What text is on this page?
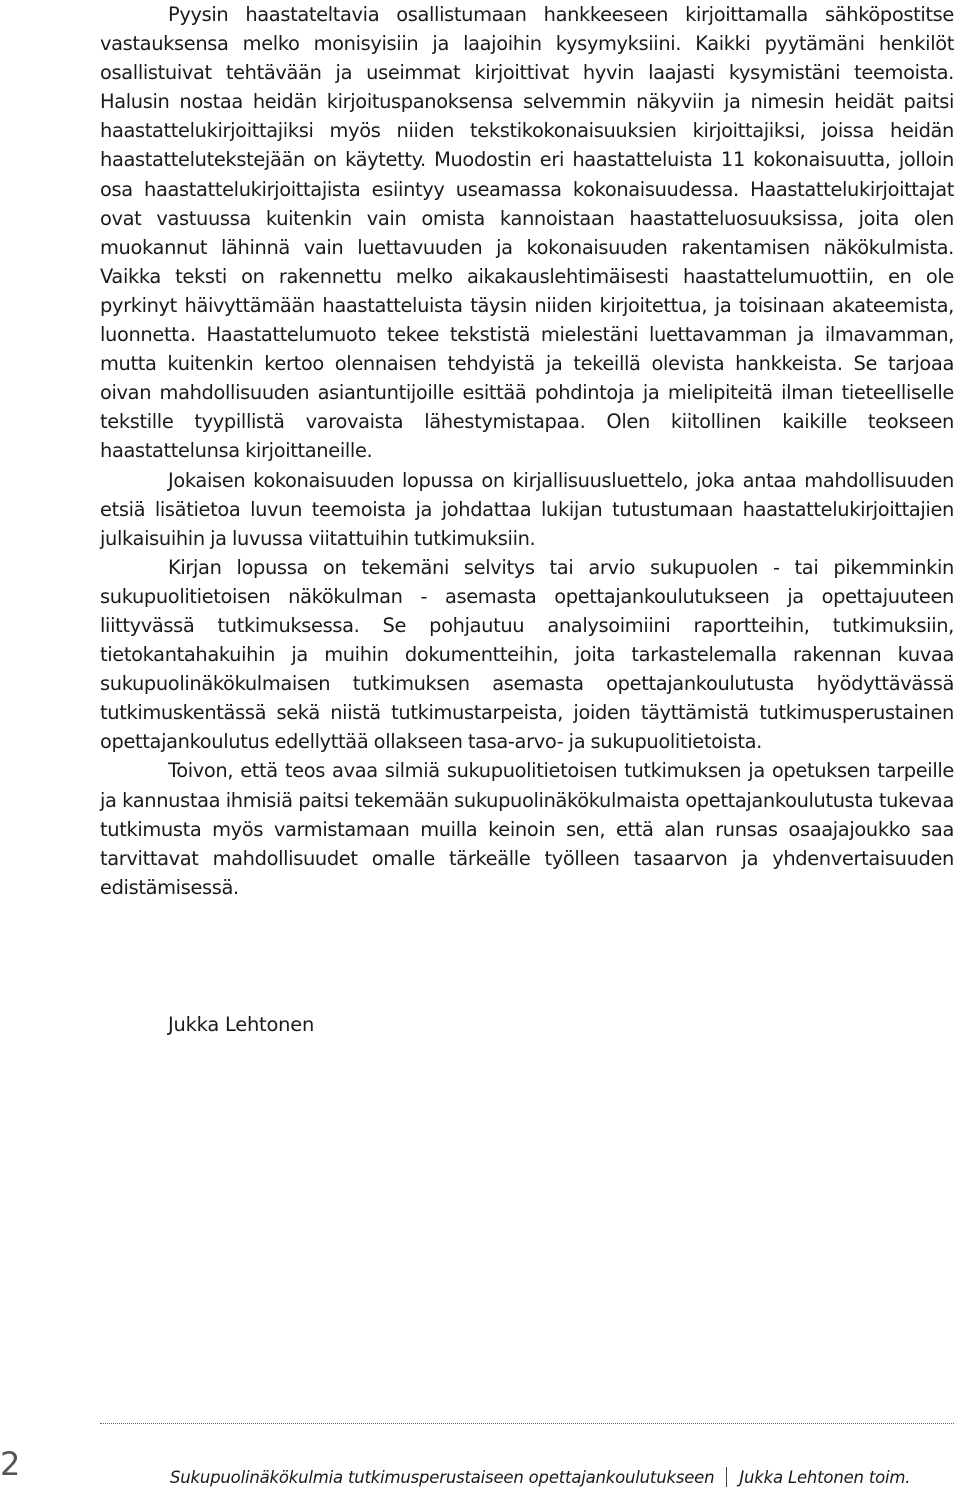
Pyysin haastateltavia osallistumaan hankkeeseen kirjoittamalla sähköpostitse vastauksensa melko monisyisiin ja laajoihin kysymyksiini. Kaikki pyytämäni henkilöt osallistuivat tehtävään ja useimmat kirjoittivat hyvin laajasti kysymistäni teemoista. Halusin nostaa heidän kirjoituspanoksensa selvemmin näkyviin ja nimesin heidät paitsi haastattelukirjoittajiksi myös niiden tekstikokonaisuuksien kirjoittajiksi, joissa heidän haastattelutekstejään on käytetty. Muodostin eri haastatteluista 11 kokonaisuutta, jolloin osa haastattelukirjoittajista esiintyy useamassa kokonaisuudessa. Haastattelukirjoittajat ovat vastuussa kuitenkin vain omista kannoistaan haastatteluosuuksissa, joita olen muokannut lähinnä vain luettavuuden ja kokonaisuuden rakentamisen näkökulmista. Vaikka teksti on rakennettu melko aikakauslehtimäisesti haastattelumuottiin, en ole pyrkinyt häivyttämään haastatteluista täysin niiden kirjoitettua, ja toisinaan akateemista, luonnetta. Haastattelumuoto tekee tekstistä mielestäni luettavamman ja ilmavamman, mutta kuitenkin kertoo olennaisen tehdyistä ja tekeillä olevista hankkeista. Se tarjoaa oivan mahdollisuuden asiantuntijoille esittää pohdintoja ja mielipiteitä ilman tieteelliselle tekstille tyypillistä varovaista lähestymistapaa. Olen kiitollinen kaikille teokseen haastattelunsa kirjoittaneille.

Jokaisen kokonaisuuden lopussa on kirjallisuusluettelo, joka antaa mahdollisuuden etsiä lisätietoa luvun teemoista ja johdattaa lukijan tutustumaan haastattelukirjoittajien julkaisuihin ja luvussa viitattuihin tutkimuksiin.

Kirjan lopussa on tekemäni selvitys tai arvio sukupuolen - tai pikemminkin sukupuolitietoisen näkökulman - asemasta opettajankoulutukseen ja opettajuuteen liittyvässä tutkimuksessa. Se pohjautuu analysoimiini raportteihin, tutkimuksiin, tietokantahakuihin ja muihin dokumentteihin, joita tarkastelemalla rakennan kuvaa sukupuolinäkökulmaisen tutkimuksen asemasta opettajankoulutusta hyödyttävässä tutkimuskentässä sekä niistä tutkimustarpeista, joiden täyttämistä tutkimusperustainen opettajankoulutus edellyttää ollakseen tasa-arvo- ja sukupuolitietoista.

Toivon, että teos avaa silmiä sukupuolitietoisen tutkimuksen ja opetuksen tarpeille ja kannustaa ihmisiä paitsi tekemään sukupuolinäkökulmaista opettajankoulutusta tukevaa tutkimusta myös varmistamaan muilla keinoin sen, että alan runsas osaajajoukko saa tarvittavat mahdollisuudet omalle tärkeälle työlleen tasaarvon ja yhdenvertaisuuden edistämisessä.

Jukka Lehtonen
2	Sukupuolinäkökulmia tutkimusperustaiseen opettajankoulutukseen Jukka Lehtonen toim.
